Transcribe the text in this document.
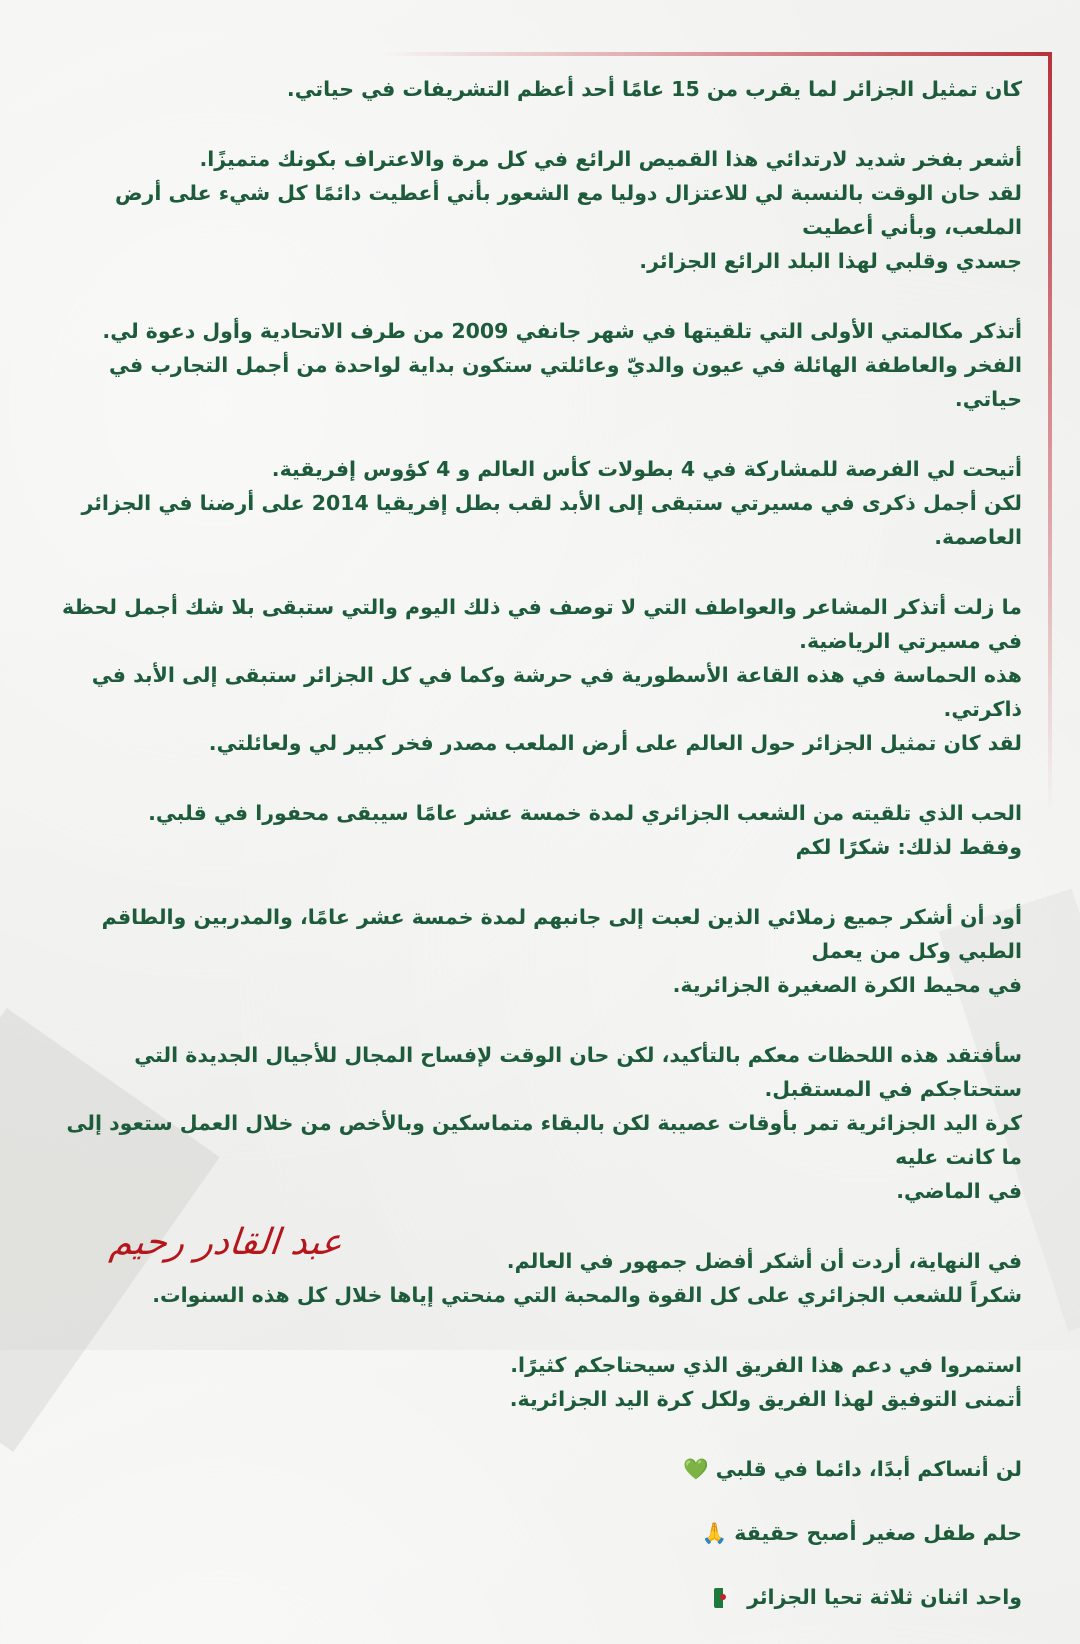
كان تمثيل الجزائر لما يقرب من 15 عامًا أحد أعظم التشريفات في حياتي.

أشعر بفخر شديد لارتدائي هذا القميص الرائع في كل مرة والاعتراف بكونك متميزًا.
لقد حان الوقت بالنسبة لي للاعتزال دوليا مع الشعور بأني أعطيت دائمًا كل شيء على أرض الملعب، وبأني أعطيت
جسدي وقلبي لهذا البلد الرائع الجزائر.

أتذكر مكالمتي الأولى التي تلقيتها في شهر جانفي 2009 من طرف الاتحادية وأول دعوة لي.
الفخر والعاطفة الهائلة في عيون والديّ وعائلتي ستكون بداية لواحدة من أجمل التجارب في حياتي.

أتيحت لي الفرصة للمشاركة في 4 بطولات كأس العالم و 4 كؤوس إفريقية.
لكن أجمل ذكرى في مسيرتي ستبقى إلى الأبد لقب بطل إفريقيا 2014 على أرضنا في الجزائر العاصمة.

ما زلت أتذكر المشاعر والعواطف التي لا توصف في ذلك اليوم والتي ستبقى بلا شك أجمل لحظة في مسيرتي الرياضية.
هذه الحماسة في هذه القاعة الأسطورية في حرشة وكما في كل الجزائر ستبقى إلى الأبد في ذاكرتي.
لقد كان تمثيل الجزائر حول العالم على أرض الملعب مصدر فخر كبير لي ولعائلتي.

الحب الذي تلقيته من الشعب الجزائري لمدة خمسة عشر عامًا سيبقى محفورا في قلبي.
وفقط لذلك: شكرًا لكم

أود أن أشكر جميع زملائي الذين لعبت إلى جانبهم لمدة خمسة عشر عامًا، والمدربين والطاقم الطبي وكل من يعمل
في محيط الكرة الصغيرة الجزائرية.

سأفتقد هذه اللحظات معكم بالتأكيد، لكن حان الوقت لإفساح المجال للأجيال الجديدة التي ستحتاجكم في المستقبل.
كرة اليد الجزائرية تمر بأوقات عصيبة لكن بالبقاء متماسكين وبالأخص من خلال العمل ستعود إلى ما كانت عليه
في الماضي.

في النهاية، أردت أن أشكر أفضل جمهور في العالم.
شكراً للشعب الجزائري على كل القوة والمحبة التي منحتي إياها خلال كل هذه السنوات.

استمروا في دعم هذا الفريق الذي سيحتاجكم كثيرًا.
أتمنى التوفيق لهذا الفريق ولكل كرة اليد الجزائرية.

لن أنساكم أبدًا، دائما في قلبي 💚

حلم طفل صغير أصبح حقيقة 🙏

واحد اثنان ثلاثة تحيا الجزائر

عبد القادر رحيم
